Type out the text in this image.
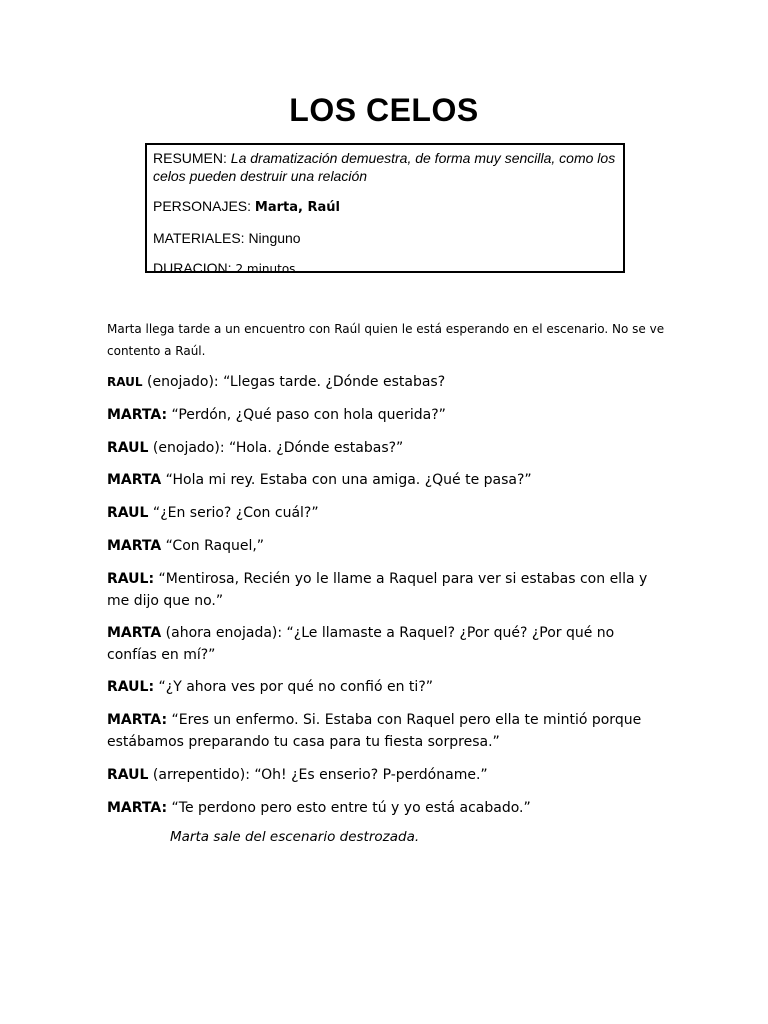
LOS CELOS
RESUMEN: La dramatización demuestra, de forma muy sencilla, como los celos pueden destruir una relación
PERSONAJES: Marta, Raúl
MATERIALES: Ninguno
DURACION: 2 minutos
Marta llega tarde a un encuentro con Raúl quien le está esperando en el escenario. No se ve contento a Raúl.
RAUL (enojado): “Llegas tarde. ¿Dónde estabas?
MARTA: “Perdón, ¿Qué paso con hola querida?”
RAUL (enojado): “Hola. ¿Dónde estabas?”
MARTA “Hola mi rey. Estaba con una amiga. ¿Qué te pasa?”
RAUL “¿En serio? ¿Con cuál?”
MARTA “Con Raquel,”
RAUL: “Mentirosa, Recién yo le llame a Raquel para ver si estabas con ella y me dijo que no.”
MARTA (ahora enojada): “¿Le llamaste a Raquel? ¿Por qué? ¿Por qué no confías en mí?”
RAUL: “¿Y ahora ves por qué no confió en ti?”
MARTA: “Eres un enfermo. Si. Estaba con Raquel pero ella te mintió porque estábamos preparando tu casa para tu fiesta sorpresa.”
RAUL (arrepentido): “Oh! ¿Es enserio? P-perdóname.”
MARTA: “Te perdono pero esto entre tú y yo está acabado.”
Marta sale del escenario destrozada.
